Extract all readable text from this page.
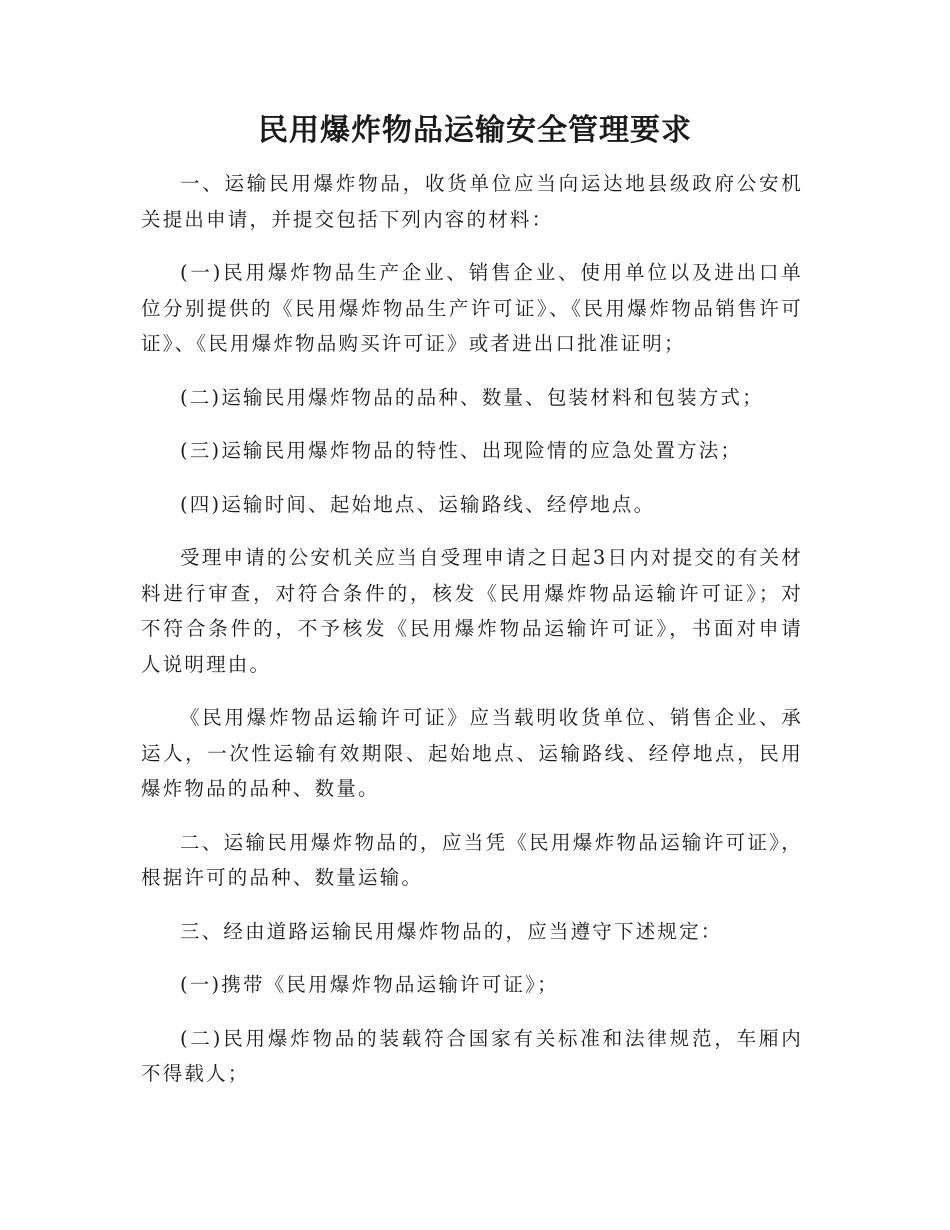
民用爆炸物品运输安全管理要求

一、运输民用爆炸物品，收货单位应当向运达地县级政府公安机关提出申请，并提交包括下列内容的材料：

(一)民用爆炸物品生产企业、销售企业、使用单位以及进出口单位分别提供的《民用爆炸物品生产许可证》、《民用爆炸物品销售许可证》、《民用爆炸物品购买许可证》或者进出口批准证明；

(二)运输民用爆炸物品的品种、数量、包装材料和包装方式；

(三)运输民用爆炸物品的特性、出现险情的应急处置方法；

(四)运输时间、起始地点、运输路线、经停地点。

受理申请的公安机关应当自受理申请之日起3日内对提交的有关材料进行审查，对符合条件的，核发《民用爆炸物品运输许可证》；对不符合条件的，不予核发《民用爆炸物品运输许可证》，书面对申请人说明理由。

《民用爆炸物品运输许可证》应当载明收货单位、销售企业、承运人，一次性运输有效期限、起始地点、运输路线、经停地点，民用爆炸物品的品种、数量。

二、运输民用爆炸物品的，应当凭《民用爆炸物品运输许可证》，根据许可的品种、数量运输。

三、经由道路运输民用爆炸物品的，应当遵守下述规定：

(一)携带《民用爆炸物品运输许可证》；

(二)民用爆炸物品的装载符合国家有关标准和法律规范，车厢内不得载人；
